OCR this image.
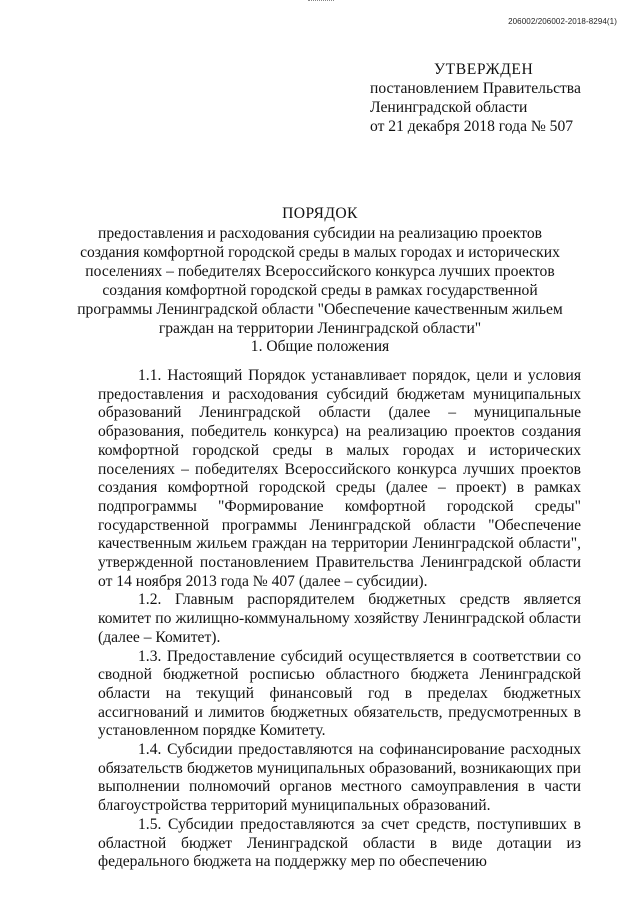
206002/206002-2018-8294(1)
УТВЕРЖДЕН
постановлением Правительства
Ленинградской области
от 21 декабря 2018 года № 507
ПОРЯДОК
предоставления и расходования субсидии на реализацию проектов
создания комфортной городской среды в малых городах и исторических
поселениях – победителях Всероссийского конкурса лучших проектов
создания комфортной городской среды в рамках государственной
программы Ленинградской области "Обеспечение качественным жильем
граждан на территории Ленинградской области"
1. Общие положения

1.1. Настоящий Порядок устанавливает порядок, цели и условия предоставления и расходования субсидий бюджетам муниципальных образований Ленинградской области (далее – муниципальные образования, победитель конкурса) на реализацию проектов создания комфортной городской среды в малых городах и исторических поселениях – победителях Всероссийского конкурса лучших проектов создания комфортной городской среды (далее – проект) в рамках подпрограммы "Формирование комфортной городской среды" государственной программы Ленинградской области "Обеспечение качественным жильем граждан на территории Ленинградской области", утвержденной постановлением Правительства Ленинградской области от 14 ноября 2013 года № 407 (далее – субсидии).

1.2. Главным распорядителем бюджетных средств является комитет по жилищно-коммунальному хозяйству Ленинградской области (далее – Комитет).

1.3. Предоставление субсидий осуществляется в соответствии со сводной бюджетной росписью областного бюджета Ленинградской области на текущий финансовый год в пределах бюджетных ассигнований и лимитов бюджетных обязательств, предусмотренных в установленном порядке Комитету.

1.4. Субсидии предоставляются на софинансирование расходных обязательств бюджетов муниципальных образований, возникающих при выполнении полномочий органов местного самоуправления в части благоустройства территорий муниципальных образований.

1.5. Субсидии предоставляются за счет средств, поступивших в областной бюджет Ленинградской области в виде дотации из федерального бюджета на поддержку мер по обеспечению
